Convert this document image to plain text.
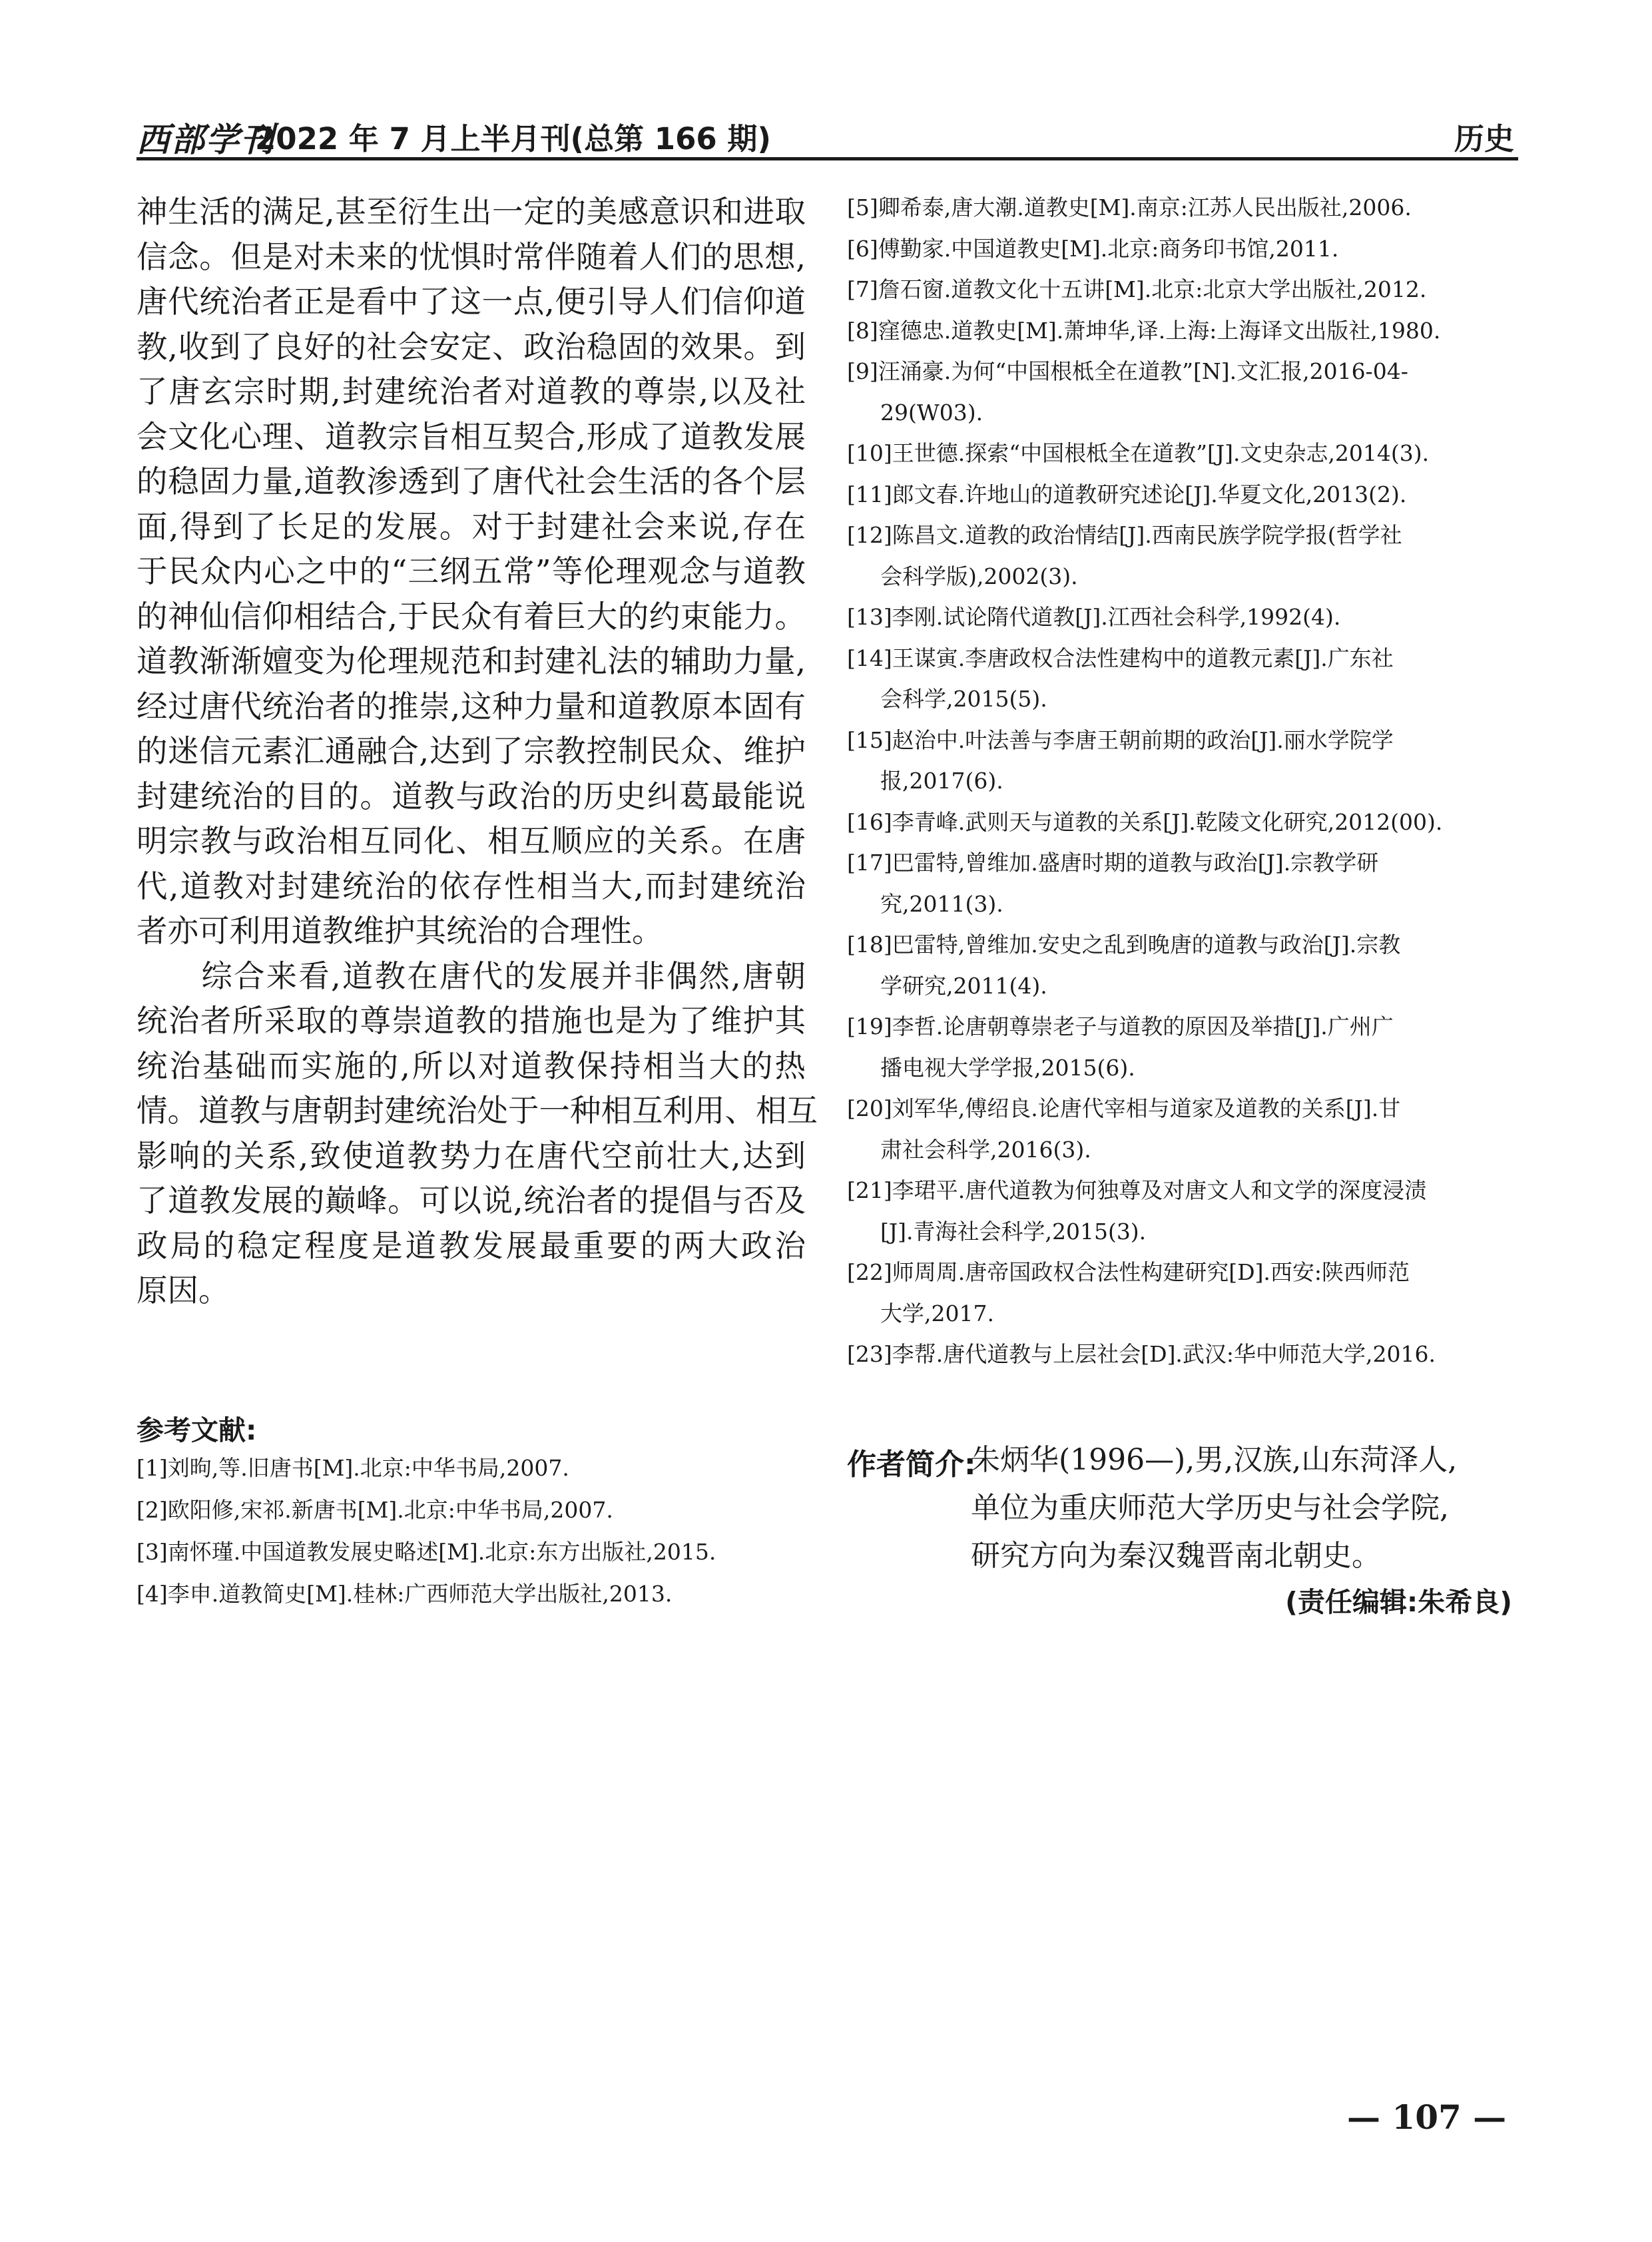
西部学刊
2022 年 7 月上半月刊(总第 166 期)	历史
神生活的满足,甚至衍生出一定的美感意识和进取
信念。但是对未来的忧惧时常伴随着人们的思想,
唐代统治者正是看中了这一点,便引导人们信仰道
教,收到了良好的社会安定、政治稳固的效果。到
了唐玄宗时期,封建统治者对道教的尊崇,以及社
会文化心理、道教宗旨相互契合,形成了道教发展
的稳固力量,道教渗透到了唐代社会生活的各个层
面,得到了长足的发展。对于封建社会来说,存在
于民众内心之中的“三纲五常”等伦理观念与道教
的神仙信仰相结合,于民众有着巨大的约束能力。
道教渐渐嬗变为伦理规范和封建礼法的辅助力量,
经过唐代统治者的推崇,这种力量和道教原本固有
的迷信元素汇通融合,达到了宗教控制民众、维护
封建统治的目的。道教与政治的历史纠葛最能说
明宗教与政治相互同化、相互顺应的关系。在唐
代,道教对封建统治的依存性相当大,而封建统治
者亦可利用道教维护其统治的合理性。
　　综合来看,道教在唐代的发展并非偶然,唐朝
统治者所采取的尊崇道教的措施也是为了维护其
统治基础而实施的,所以对道教保持相当大的热
情。道教与唐朝封建统治处于一种相互利用、相互
影响的关系,致使道教势力在唐代空前壮大,达到
了道教发展的巅峰。可以说,统治者的提倡与否及
政局的稳定程度是道教发展最重要的两大政治
原因。
参考文献:
[1]刘昫,等.旧唐书[M].北京:中华书局,2007.
[2]欧阳修,宋祁.新唐书[M].北京:中华书局,2007.
[3]南怀瑾.中国道教发展史略述[M].北京:东方出版社,2015.
[4]李申.道教简史[M].桂林:广西师范大学出版社,2013.
[5]卿希泰,唐大潮.道教史[M].南京:江苏人民出版社,2006.
[6]傅勤家.中国道教史[M].北京:商务印书馆,2011.
[7]詹石窗.道教文化十五讲[M].北京:北京大学出版社,2012.
[8]窪德忠.道教史[M].萧坤华,译.上海:上海译文出版社,1980.
[9]汪涌豪.为何“中国根柢全在道教”[N].文汇报,2016-04-
29(W03).
[10]王世德.探索“中国根柢全在道教”[J].文史杂志,2014(3).
[11]郎文春.许地山的道教研究述论[J].华夏文化,2013(2).
[12]陈昌文.道教的政治情结[J].西南民族学院学报(哲学社
会科学版),2002(3).
[13]李刚.试论隋代道教[J].江西社会科学,1992(4).
[14]王谋寅.李唐政权合法性建构中的道教元素[J].广东社
会科学,2015(5).
[15]赵治中.叶法善与李唐王朝前期的政治[J].丽水学院学
报,2017(6).
[16]李青峰.武则天与道教的关系[J].乾陵文化研究,2012(00).
[17]巴雷特,曾维加.盛唐时期的道教与政治[J].宗教学研
究,2011(3).
[18]巴雷特,曾维加.安史之乱到晚唐的道教与政治[J].宗教
学研究,2011(4).
[19]李哲.论唐朝尊崇老子与道教的原因及举措[J].广州广
播电视大学学报,2015(6).
[20]刘军华,傅绍良.论唐代宰相与道家及道教的关系[J].甘
肃社会科学,2016(3).
[21]李珺平.唐代道教为何独尊及对唐文人和文学的深度浸渍
[J].青海社会科学,2015(3).
[22]师周周.唐帝国政权合法性构建研究[D].西安:陕西师范
大学,2017.
[23]李帮.唐代道教与上层社会[D].武汉:华中师范大学,2016.
作者简介:
朱炳华(1996—),男,汉族,山东菏泽人,
单位为重庆师范大学历史与社会学院,
研究方向为秦汉魏晋南北朝史。
(责任编辑:朱希良)
— 107 —
